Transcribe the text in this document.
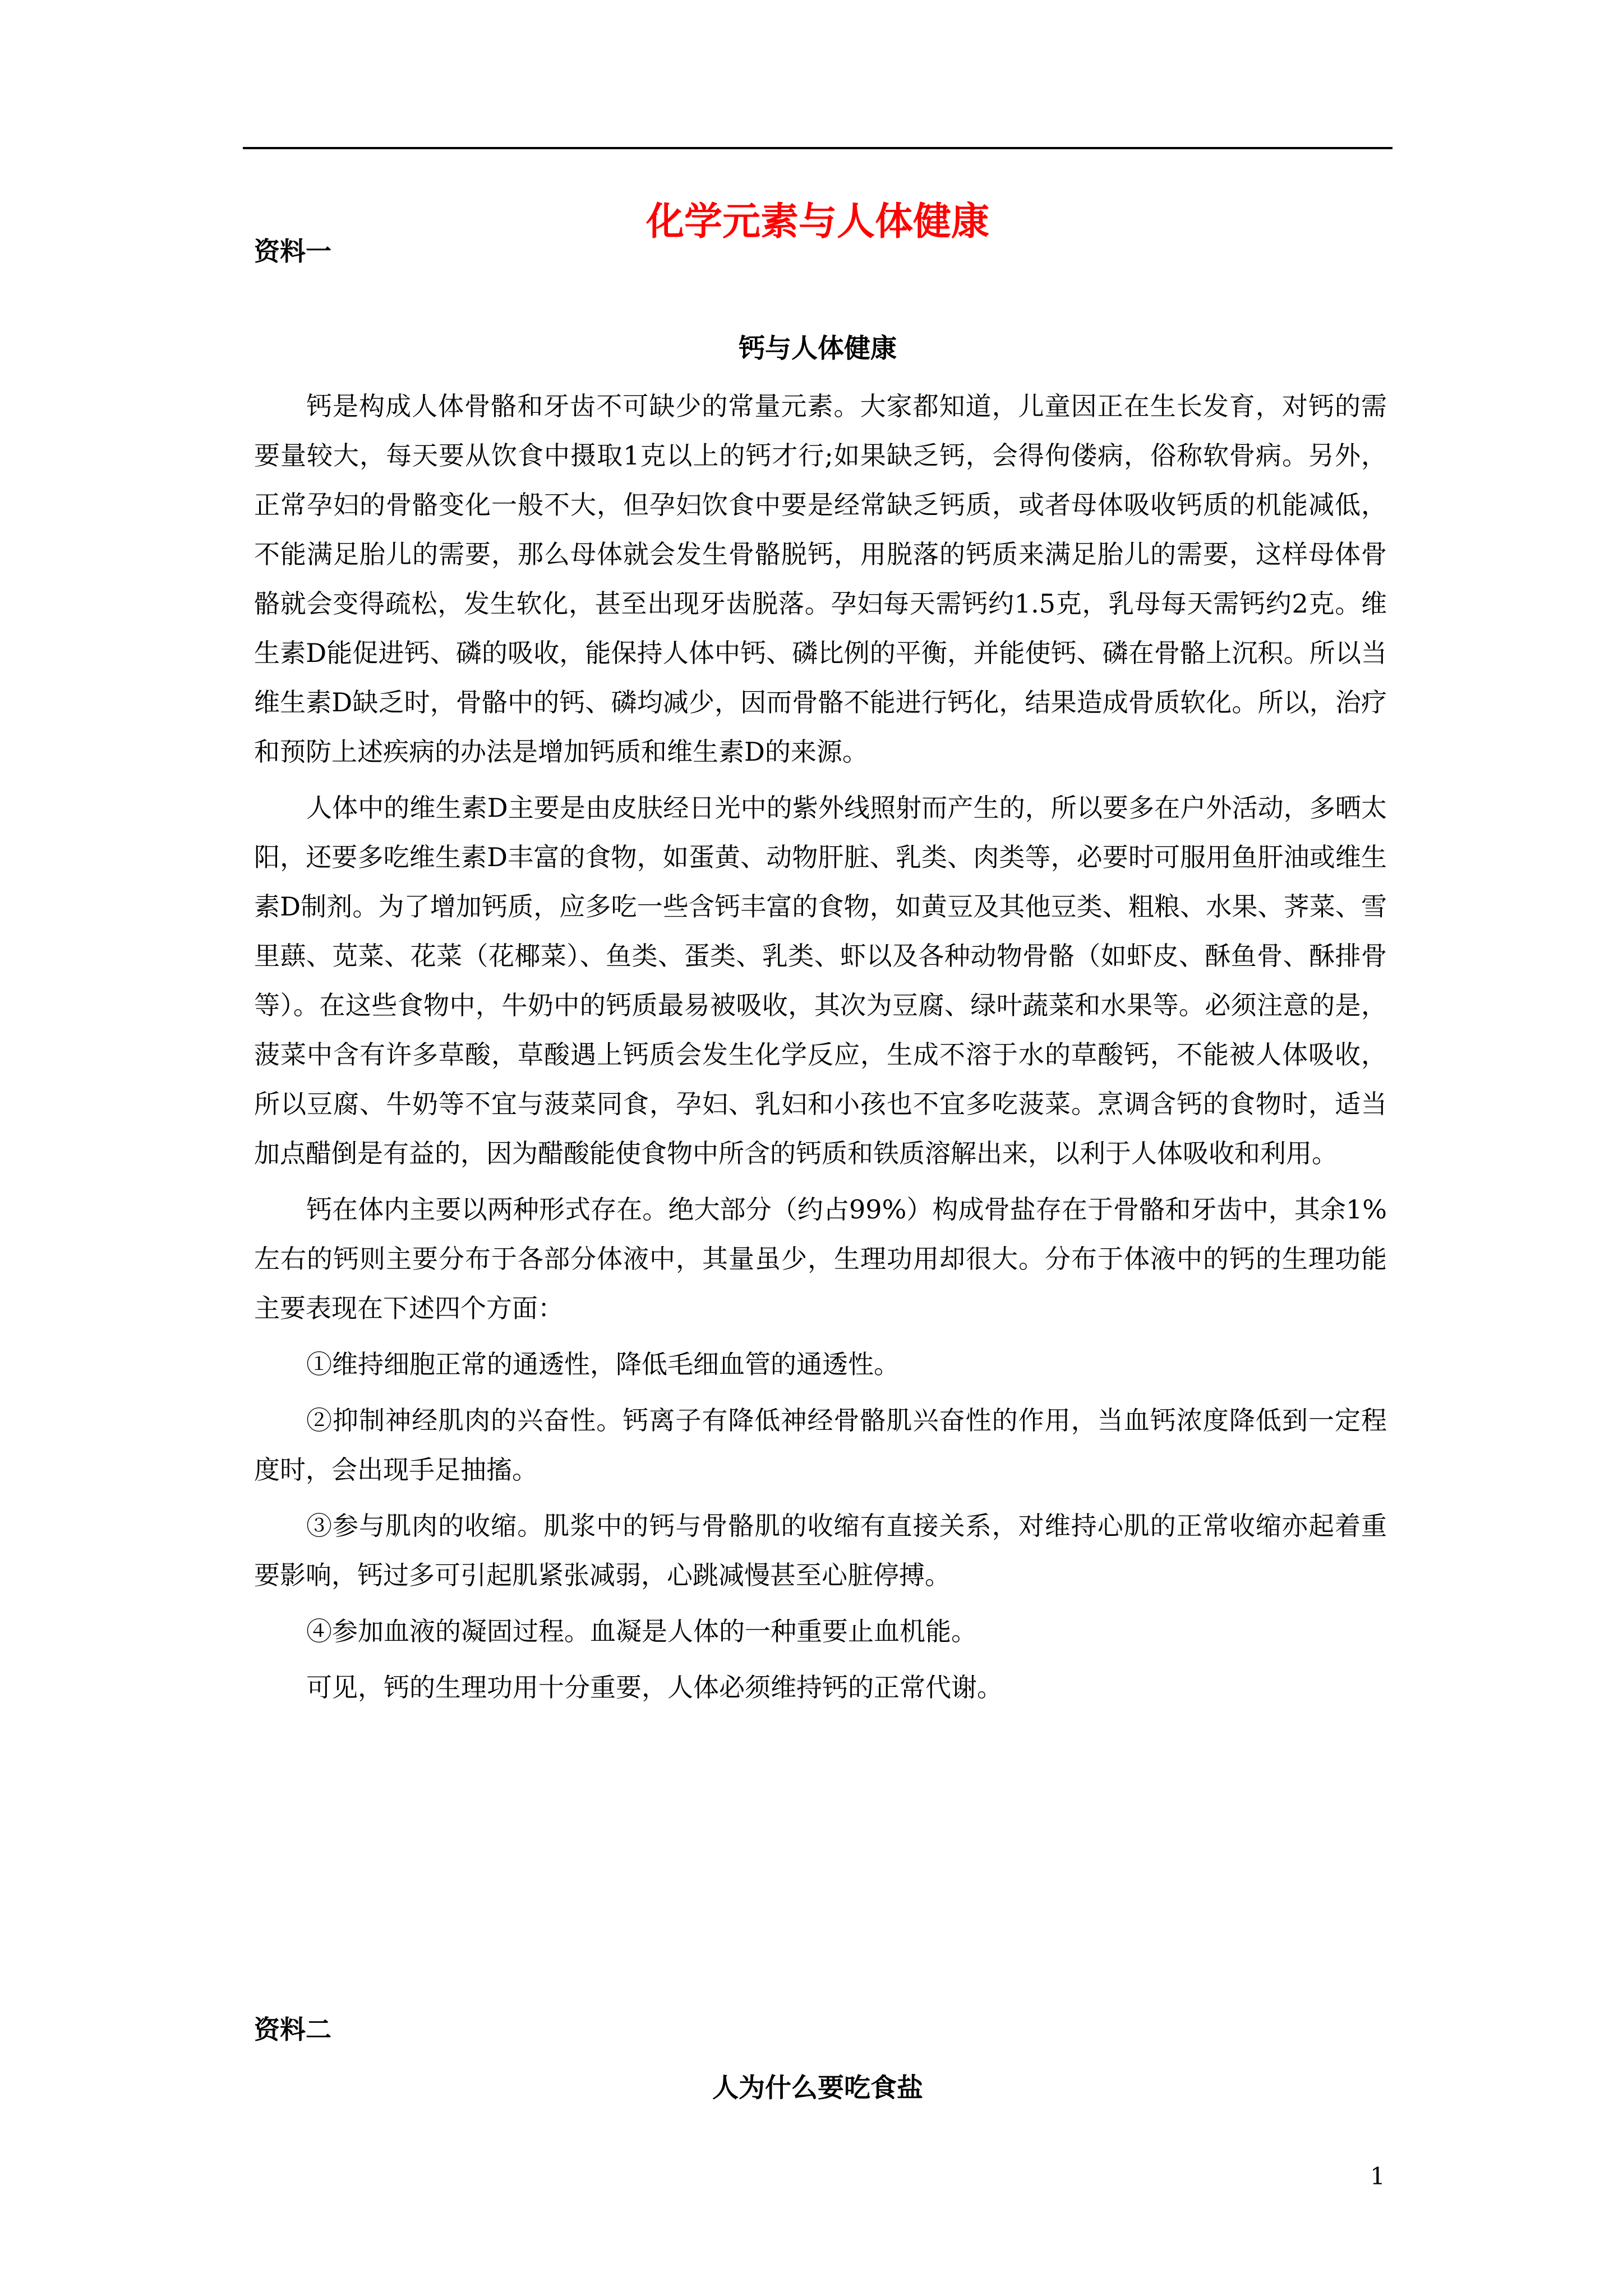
化学元素与人体健康
资料一
钙与人体健康

钙是构成人体骨骼和牙齿不可缺少的常量元素。大家都知道，儿童因正在生长发育，对钙的需要量较大，每天要从饮食中摄取1克以上的钙才行;如果缺乏钙，会得佝偻病，俗称软骨病。另外，正常孕妇的骨骼变化一般不大，但孕妇饮食中要是经常缺乏钙质，或者母体吸收钙质的机能减低，不能满足胎儿的需要，那么母体就会发生骨骼脱钙，用脱落的钙质来满足胎儿的需要，这样母体骨骼就会变得疏松，发生软化，甚至出现牙齿脱落。孕妇每天需钙约1.5克，乳母每天需钙约2克。维生素D能促进钙、磷的吸收，能保持人体中钙、磷比例的平衡，并能使钙、磷在骨骼上沉积。所以当维生素D缺乏时，骨骼中的钙、磷均减少，因而骨骼不能进行钙化，结果造成骨质软化。所以，治疗和预防上述疾病的办法是增加钙质和维生素D的来源。

人体中的维生素D主要是由皮肤经日光中的紫外线照射而产生的，所以要多在户外活动，多晒太阳，还要多吃维生素D丰富的食物，如蛋黄、动物肝脏、乳类、肉类等，必要时可服用鱼肝油或维生素D制剂。为了增加钙质，应多吃一些含钙丰富的食物，如黄豆及其他豆类、粗粮、水果、荠菜、雪里蕻、苋菜、花菜（花椰菜）、鱼类、蛋类、乳类、虾以及各种动物骨骼（如虾皮、酥鱼骨、酥排骨等）。在这些食物中，牛奶中的钙质最易被吸收，其次为豆腐、绿叶蔬菜和水果等。必须注意的是，菠菜中含有许多草酸，草酸遇上钙质会发生化学反应，生成不溶于水的草酸钙，不能被人体吸收，所以豆腐、牛奶等不宜与菠菜同食，孕妇、乳妇和小孩也不宜多吃菠菜。烹调含钙的食物时，适当加点醋倒是有益的，因为醋酸能使食物中所含的钙质和铁质溶解出来，以利于人体吸收和利用。

钙在体内主要以两种形式存在。绝大部分（约占99%）构成骨盐存在于骨骼和牙齿中，其余1%左右的钙则主要分布于各部分体液中，其量虽少，生理功用却很大。分布于体液中的钙的生理功能主要表现在下述四个方面：

①维持细胞正常的通透性，降低毛细血管的通透性。

②抑制神经肌肉的兴奋性。钙离子有降低神经骨骼肌兴奋性的作用，当血钙浓度降低到一定程度时，会出现手足抽搐。

③参与肌肉的收缩。肌浆中的钙与骨骼肌的收缩有直接关系，对维持心肌的正常收缩亦起着重要影响，钙过多可引起肌紧张减弱，心跳减慢甚至心脏停搏。

④参加血液的凝固过程。血凝是人体的一种重要止血机能。

可见，钙的生理功用十分重要，人体必须维持钙的正常代谢。

资料二
人为什么要吃食盐
1
